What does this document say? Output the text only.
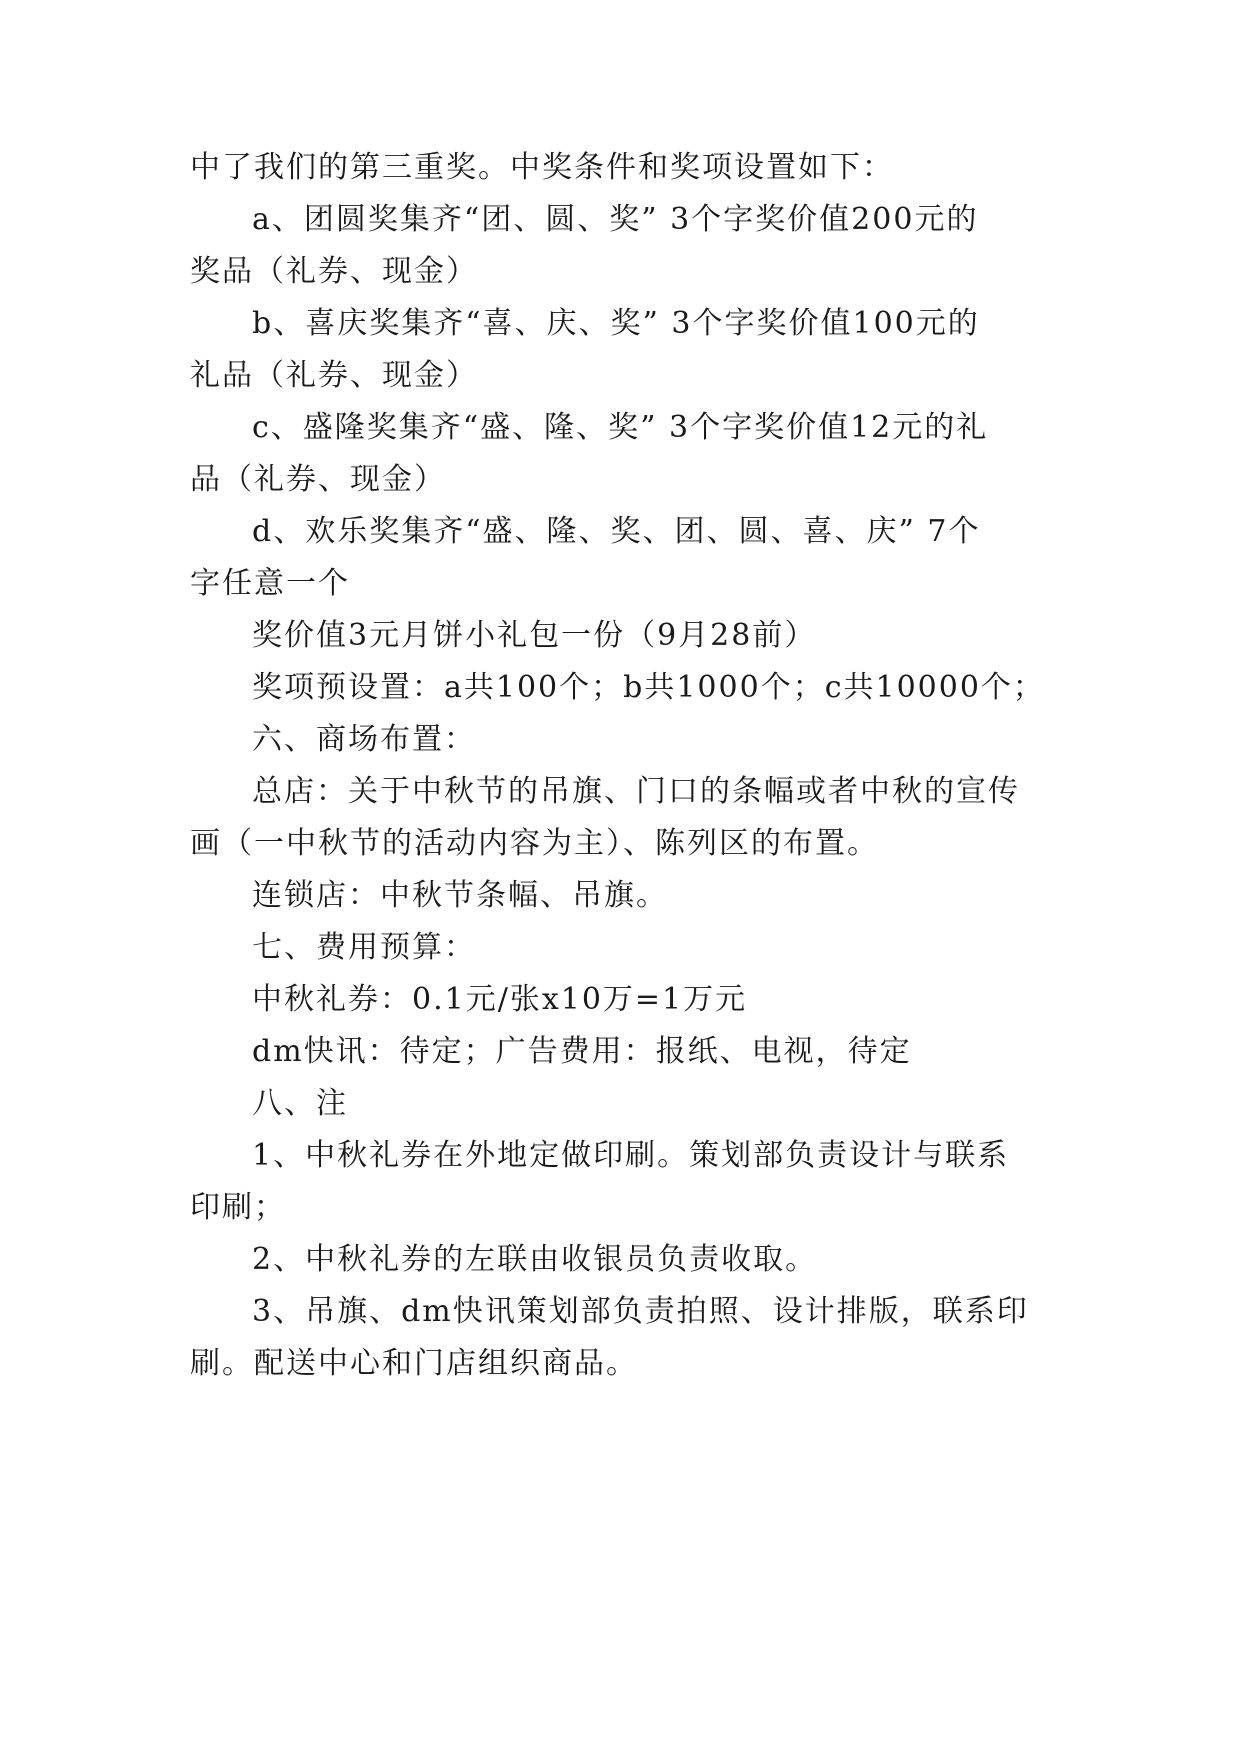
中了我们的第三重奖。中奖条件和奖项设置如下：
a、团圆奖集齐“团、圆、奖” 3个字奖价值200元的
奖品（礼券、现金）
b、喜庆奖集齐“喜、庆、奖” 3个字奖价值100元的
礼品（礼券、现金）
c、盛隆奖集齐“盛、隆、奖” 3个字奖价值12元的礼
品（礼券、现金）
d、欢乐奖集齐“盛、隆、奖、团、圆、喜、庆” 7个
字任意一个
奖价值3元月饼小礼包一份（9月28前）
奖项预设置：a共100个；b共1000个；c共10000个；
六、商场布置：
总店：关于中秋节的吊旗、门口的条幅或者中秋的宣传
画（一中秋节的活动内容为主）、陈列区的布置。
连锁店：中秋节条幅、吊旗。
七、费用预算：
中秋礼券：0.1元/张x10万=1万元
dm快讯：待定；广告费用：报纸、电视，待定
八、注
1、中秋礼券在外地定做印刷。策划部负责设计与联系
印刷；
2、中秋礼券的左联由收银员负责收取。
3、吊旗、dm快讯策划部负责拍照、设计排版，联系印
刷。配送中心和门店组织商品。
